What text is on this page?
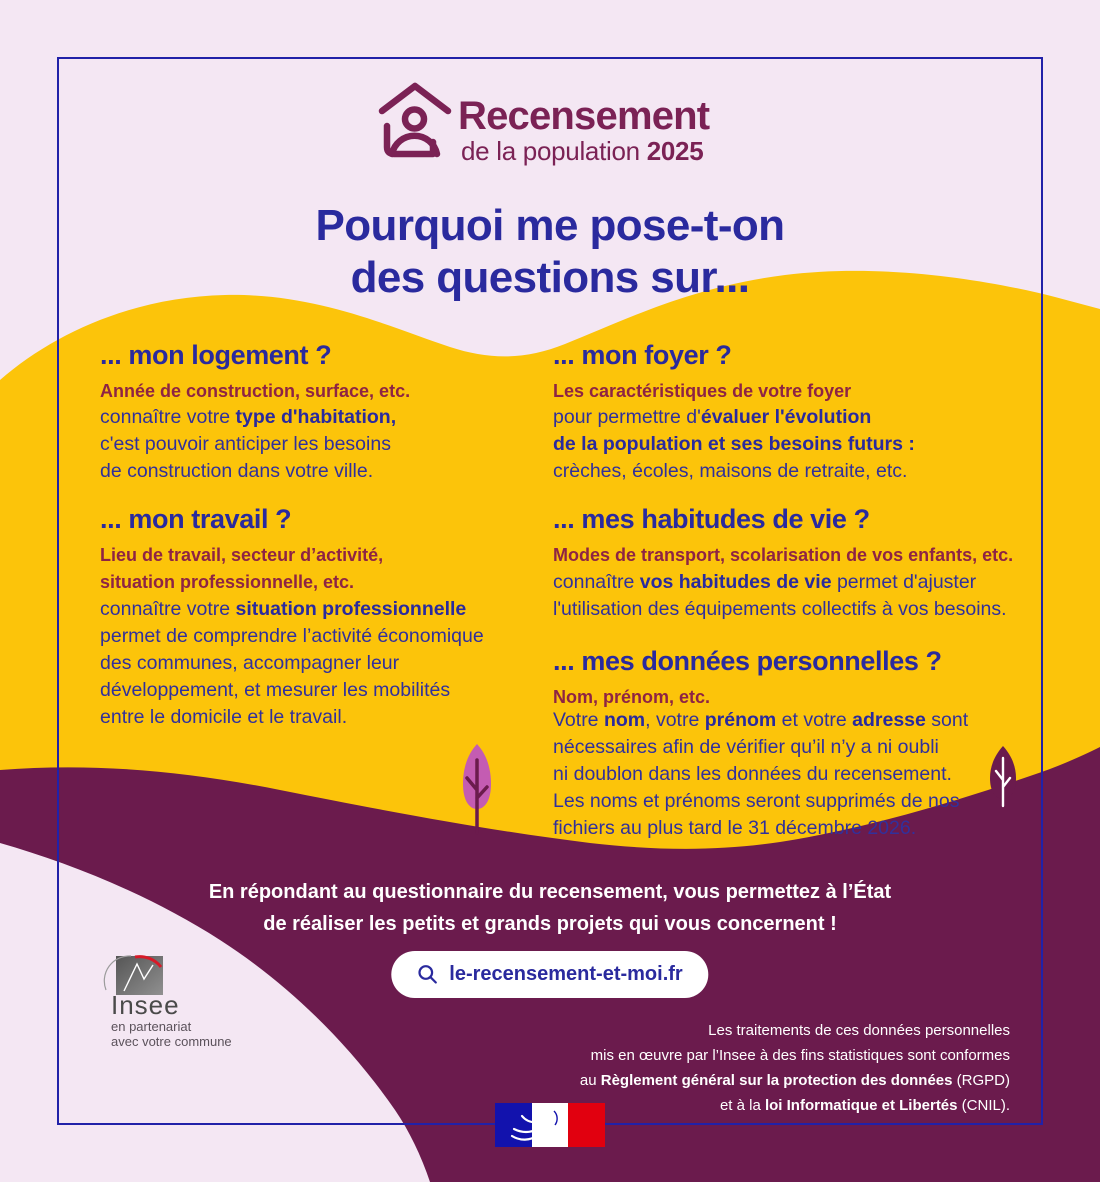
Recensement
de la population 2025
Pourquoi me pose-t-on
des questions sur...
... mon logement ?
Année de construction, surface, etc.
connaître votre type d'habitation,
c'est pouvoir anticiper les besoins
de construction dans votre ville.
... mon travail ?
Lieu de travail, secteur d’activité,
situation professionnelle, etc.
connaître votre situation professionnelle
permet de comprendre l’activité économique
des communes, accompagner leur
développement, et mesurer les mobilités
entre le domicile et le travail.
... mon foyer ?
Les caractéristiques de votre foyer
pour permettre d'évaluer l'évolution
de la population et ses besoins futurs :
crèches, écoles, maisons de retraite, etc.
... mes habitudes de vie ?
Modes de transport, scolarisation de vos enfants, etc.
connaître vos habitudes de vie permet d'ajuster
l'utilisation des équipements collectifs à vos besoins.
... mes données personnelles ?
Nom, prénom, etc.
Votre nom, votre prénom et votre adresse sont
nécessaires afin de vérifier qu’il n’y a ni oubli
ni doublon dans les données du recensement.
Les noms et prénoms seront supprimés de nos
fichiers au plus tard le 31 décembre 2026.
En répondant au questionnaire du recensement, vous permettez à l’État
de réaliser les petits et grands projets qui vous concernent !
le-recensement-et-moi.fr
Insee
en partenariat
avec votre commune
Les traitements de ces données personnelles
mis en œuvre par l’Insee à des fins statistiques sont conformes
au Règlement général sur la protection des données (RGPD)
et à la loi Informatique et Libertés (CNIL).
